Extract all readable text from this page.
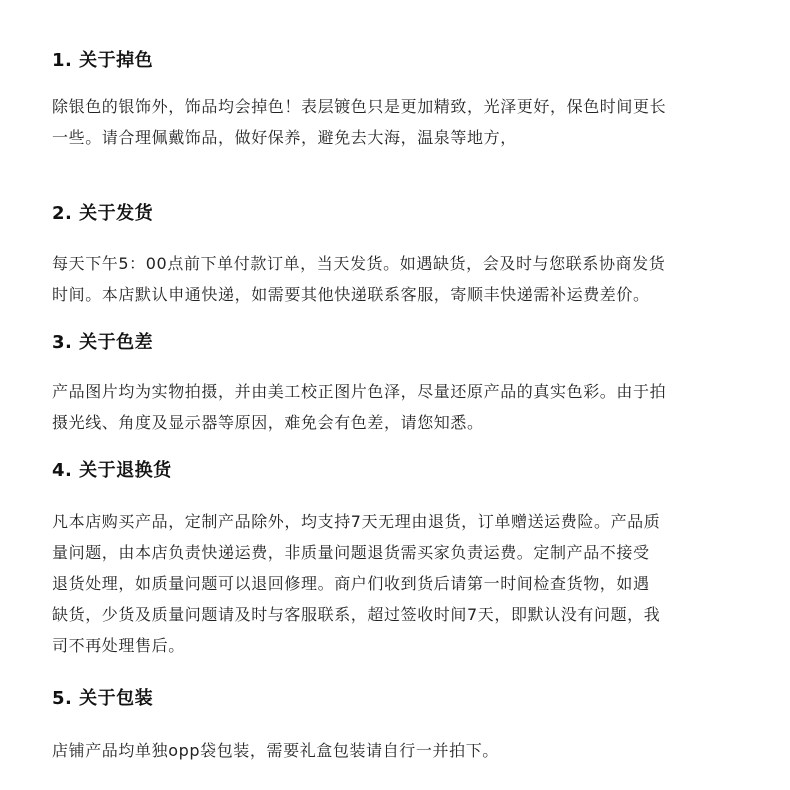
1. 关于掉色
除银色的银饰外，饰品均会掉色！表层镀色只是更加精致，光泽更好，保色时间更长
一些。请合理佩戴饰品，做好保养，避免去大海，温泉等地方，
2. 关于发货
每天下午5：00点前下单付款订单，当天发货。如遇缺货，会及时与您联系协商发货
时间。本店默认申通快递，如需要其他快递联系客服，寄顺丰快递需补运费差价。
3. 关于色差
产品图片均为实物拍摄，并由美工校正图片色泽，尽量还原产品的真实色彩。由于拍
摄光线、角度及显示器等原因，难免会有色差，请您知悉。
4. 关于退换货
凡本店购买产品，定制产品除外，均支持7天无理由退货，订单赠送运费险。产品质
量问题，由本店负责快递运费，非质量问题退货需买家负责运费。定制产品不接受
退货处理，如质量问题可以退回修理。商户们收到货后请第一时间检查货物，如遇
缺货，少货及质量问题请及时与客服联系，超过签收时间7天，即默认没有问题，我
司不再处理售后。
5. 关于包装
店铺产品均单独opp袋包装，需要礼盒包装请自行一并拍下。
